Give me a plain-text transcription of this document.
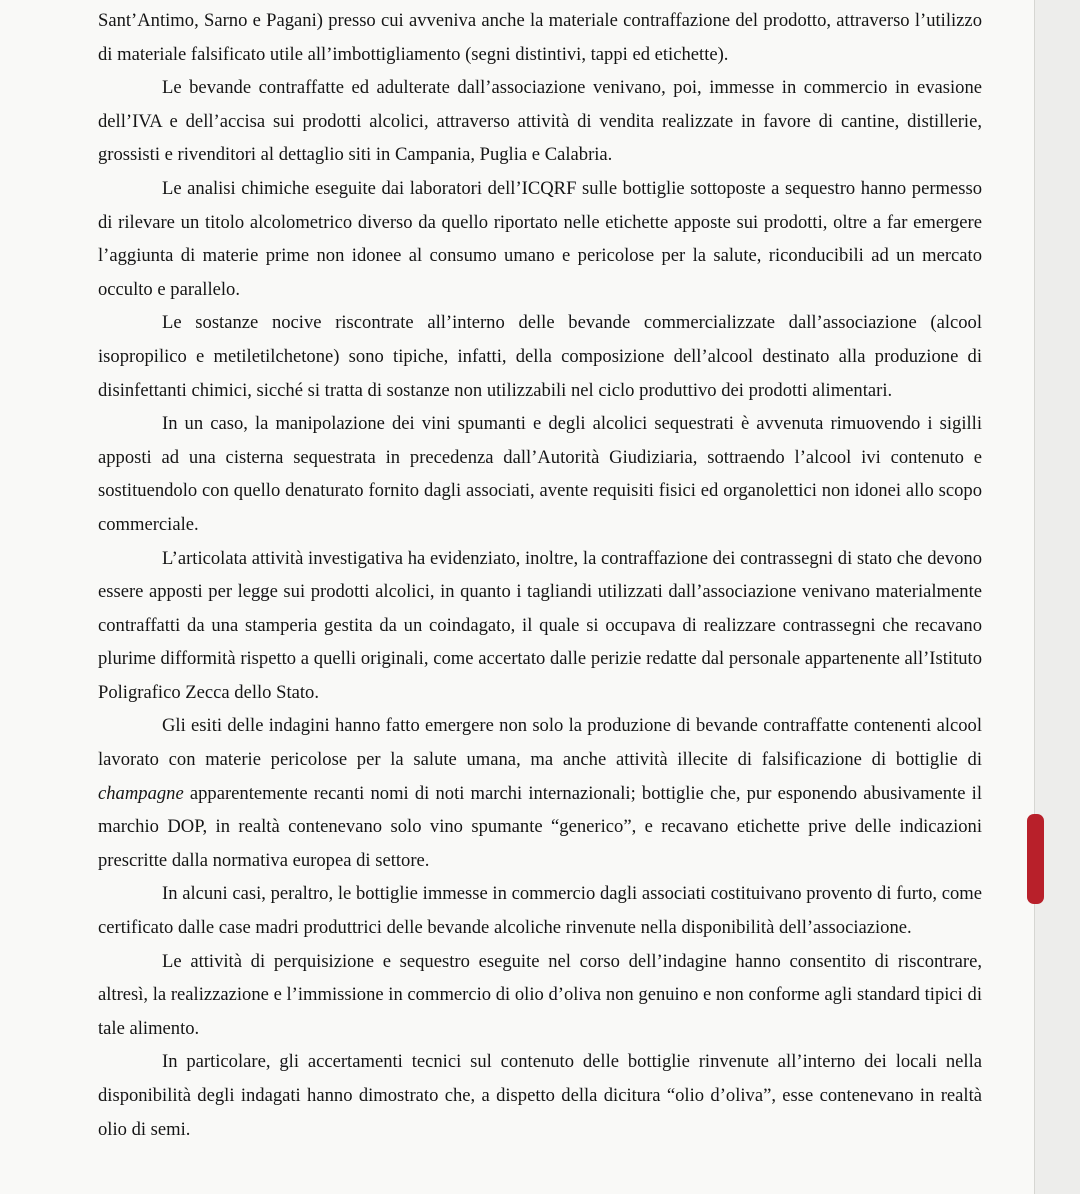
Sant’Antimo, Sarno e Pagani) presso cui avveniva anche la materiale contraffazione del prodotto, attraverso l’utilizzo di materiale falsificato utile all’imbottigliamento (segni distintivi, tappi ed etichette).

Le bevande contraffatte ed adulterate dall’associazione venivano, poi, immesse in commercio in evasione dell’IVA e dell’accisa sui prodotti alcolici, attraverso attività di vendita realizzate in favore di cantine, distillerie, grossisti e rivenditori al dettaglio siti in Campania, Puglia e Calabria.

Le analisi chimiche eseguite dai laboratori dell’ICQRF sulle bottiglie sottoposte a sequestro hanno permesso di rilevare un titolo alcolometrico diverso da quello riportato nelle etichette apposte sui prodotti, oltre a far emergere l’aggiunta di materie prime non idonee al consumo umano e pericolose per la salute, riconducibili ad un mercato occulto e parallelo.

Le sostanze nocive riscontrate all’interno delle bevande commercializzate dall’associazione (alcool isopropilico e metiletilchetone) sono tipiche, infatti, della composizione dell’alcool destinato alla produzione di disinfettanti chimici, sicché si tratta di sostanze non utilizzabili nel ciclo produttivo dei prodotti alimentari.

In un caso, la manipolazione dei vini spumanti e degli alcolici sequestrati è avvenuta rimuovendo i sigilli apposti ad una cisterna sequestrata in precedenza dall’Autorità Giudiziaria, sottraendo l’alcool ivi contenuto e sostituendolo con quello denaturato fornito dagli associati, avente requisiti fisici ed organolettici non idonei allo scopo commerciale.

L’articolata attività investigativa ha evidenziato, inoltre, la contraffazione dei contrassegni di stato che devono essere apposti per legge sui prodotti alcolici, in quanto i tagliandi utilizzati dall’associazione venivano materialmente contraffatti da una stamperia gestita da un coindagato, il quale si occupava di realizzare contrassegni che recavano plurime difformità rispetto a quelli originali, come accertato dalle perizie redatte dal personale appartenente all’Istituto Poligrafico Zecca dello Stato.

Gli esiti delle indagini hanno fatto emergere non solo la produzione di bevande contraffatte contenenti alcool lavorato con materie pericolose per la salute umana, ma anche attività illecite di falsificazione di bottiglie di champagne apparentemente recanti nomi di noti marchi internazionali; bottiglie che, pur esponendo abusivamente il marchio DOP, in realtà contenevano solo vino spumante “generico”, e recavano etichette prive delle indicazioni prescritte dalla normativa europea di settore.

In alcuni casi, peraltro, le bottiglie immesse in commercio dagli associati costituivano provento di furto, come certificato dalle case madri produttrici delle bevande alcoliche rinvenute nella disponibilità dell’associazione.

Le attività di perquisizione e sequestro eseguite nel corso dell’indagine hanno consentito di riscontrare, altresì, la realizzazione e l’immissione in commercio di olio d’oliva non genuino e non conforme agli standard tipici di tale alimento.

In particolare, gli accertamenti tecnici sul contenuto delle bottiglie rinvenute all’interno dei locali nella disponibilità degli indagati hanno dimostrato che, a dispetto della dicitura “olio d’oliva”, esse contenevano in realtà olio di semi.
